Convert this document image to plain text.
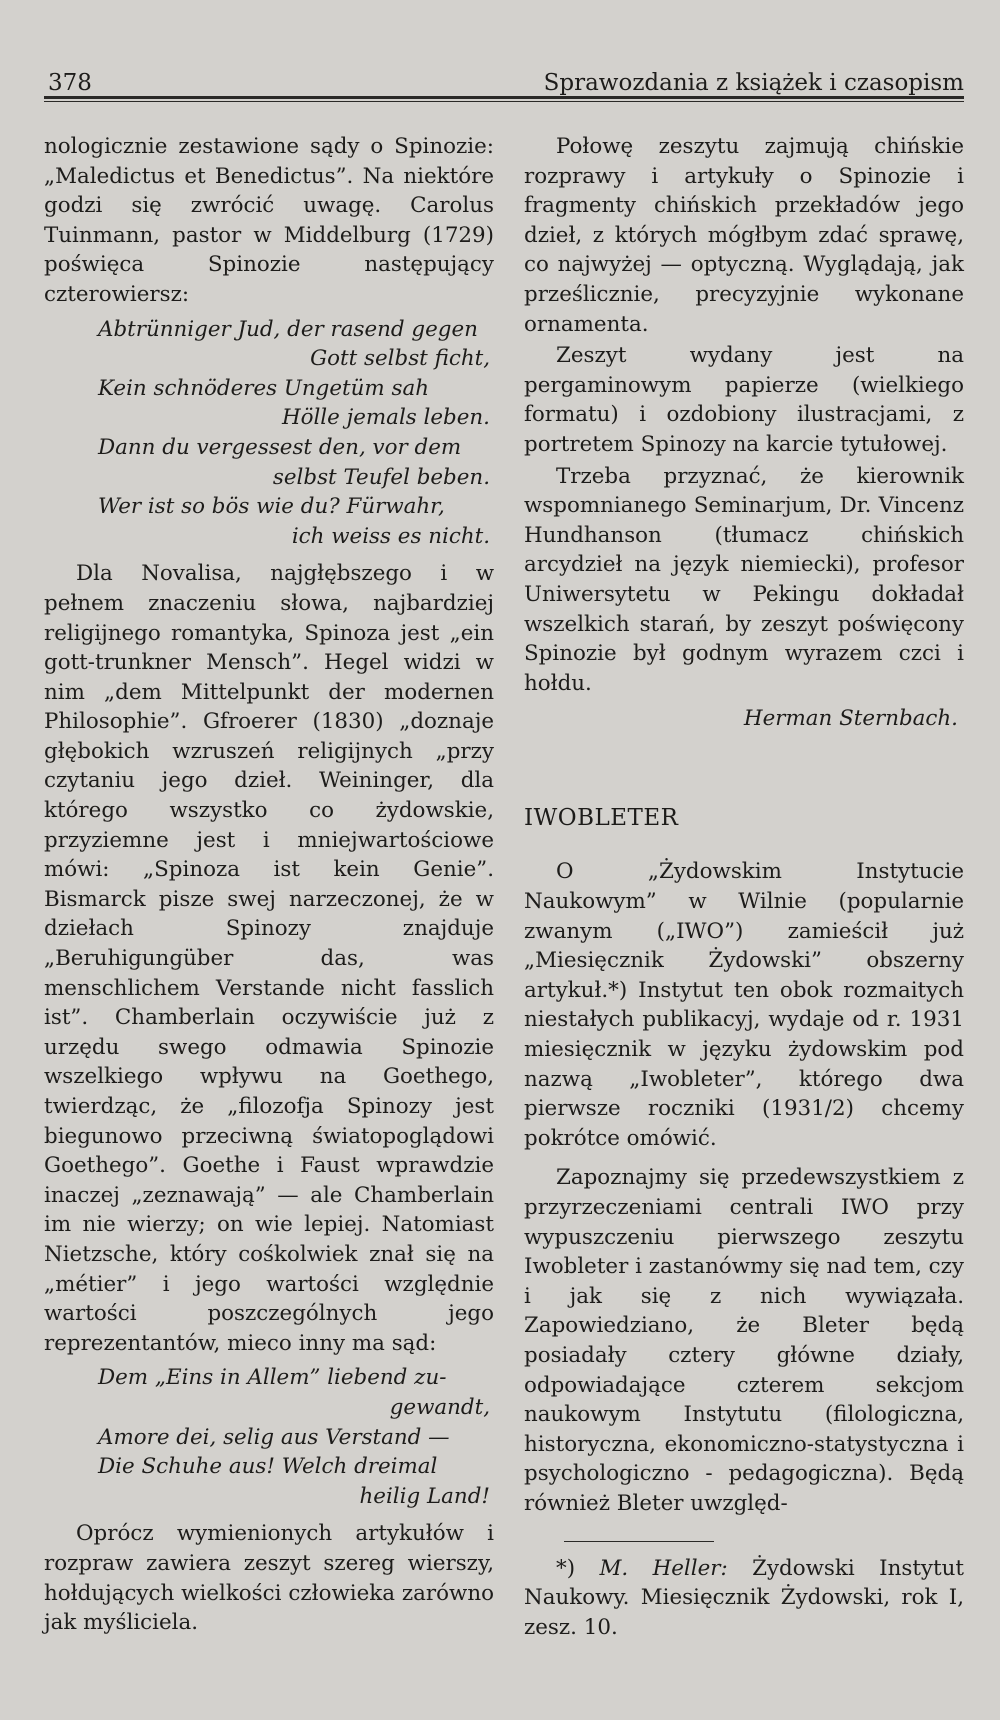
378	Sprawozdania z książek i czasopism

nologicznie zestawione sądy o Spinozie: „Maledictus et Benedictus”. Na niektóre godzi się zwrócić uwagę. Carolus Tuinmann, pastor w Middelburg (1729) poświęca Spinozie następujący czterowiersz:

Abtrünniger Jud, der rasend gegen
Gott selbst ficht,
Kein schnöderes Ungetüm sah
Hölle jemals leben.
Dann du vergessest den, vor dem
selbst Teufel beben.
Wer ist so bös wie du? Fürwahr,
ich weiss es nicht.

Dla Novalisa, najgłębszego i w pełnem znaczeniu słowa, najbardziej religijnego romantyka, Spinoza jest „ein gott-trunkner Mensch”. Hegel widzi w nim „dem Mittelpunkt der modernen Philosophie”. Gfroerer (1830) „doznaje głębokich wzruszeń religijnych „przy czytaniu jego dzieł. Weininger, dla którego wszystko co żydowskie, przyziemne jest i mniejwartościowe mówi: „Spinoza ist kein Genie”. Bismarck pisze swej narzeczonej, że w dziełach Spinozy znajduje „Beruhigungüber das, was menschlichem Verstande nicht fasslich ist”. Chamberlain oczywiście już z urzędu swego odmawia Spinozie wszelkiego wpływu na Goethego, twierdząc, że „filozofja Spinozy jest biegunowo przeciwną światopoglądowi Goethego”. Goethe i Faust wprawdzie inaczej „zeznawają” — ale Chamberlain im nie wierzy; on wie lepiej. Natomiast Nietzsche, który cośkolwiek znał się na „métier” i jego wartości względnie wartości poszczególnych jego reprezentantów, mieco inny ma sąd:

Dem „Eins in Allem” liebend zu-
gewandt,
Amore dei, selig aus Verstand —
Die Schuhe aus! Welch dreimal
heilig Land!

Oprócz wymienionych artykułów i rozpraw zawiera zeszyt szereg wierszy, hołdujących wielkości człowieka zarówno jak myśliciela.

Połowę zeszytu zajmują chińskie rozprawy i artykuły o Spinozie i fragmenty chińskich przekładów jego dzieł, z których mógłbym zdać sprawę, co najwyżej — optyczną. Wyglądają, jak prześlicznie, precyzyjnie wykonane ornamenta.

Zeszyt wydany jest na pergaminowym papierze (wielkiego formatu) i ozdobiony ilustracjami, z portretem Spinozy na karcie tytułowej.

Trzeba przyznać, że kierownik wspomnianego Seminarjum, Dr. Vincenz Hundhanson (tłumacz chińskich arcydzieł na język niemiecki), profesor Uniwersytetu w Pekingu dokładał wszelkich starań, by zeszyt poświęcony Spinozie był godnym wyrazem czci i hołdu.

Herman Sternbach.
IWOBLETER

O „Żydowskim Instytucie Naukowym” w Wilnie (popularnie zwanym („IWO”) zamieścił już „Miesięcznik Żydowski” obszerny artykuł.*) Instytut ten obok rozmaitych niestałych publikacyj, wydaje od r. 1931 miesięcznik w języku żydowskim pod nazwą „Iwobleter”, którego dwa pierwsze roczniki (1931/2) chcemy pokrótce omówić.

Zapoznajmy się przedewszystkiem z przyrzeczeniami centrali IWO przy wypuszczeniu pierwszego zeszytu Iwobleter i zastanówmy się nad tem, czy i jak się z nich wywiązała. Zapowiedziano, że Bleter będą posiadały cztery główne działy, odpowiadające czterem sekcjom naukowym Instytutu (filologiczna, historyczna, ekonomiczno-statystyczna i psychologiczno - pedagogiczna). Będą również Bleter uwzględ-

*) M. Heller: Żydowski Instytut Naukowy. Miesięcznik Żydowski, rok I, zesz. 10.
